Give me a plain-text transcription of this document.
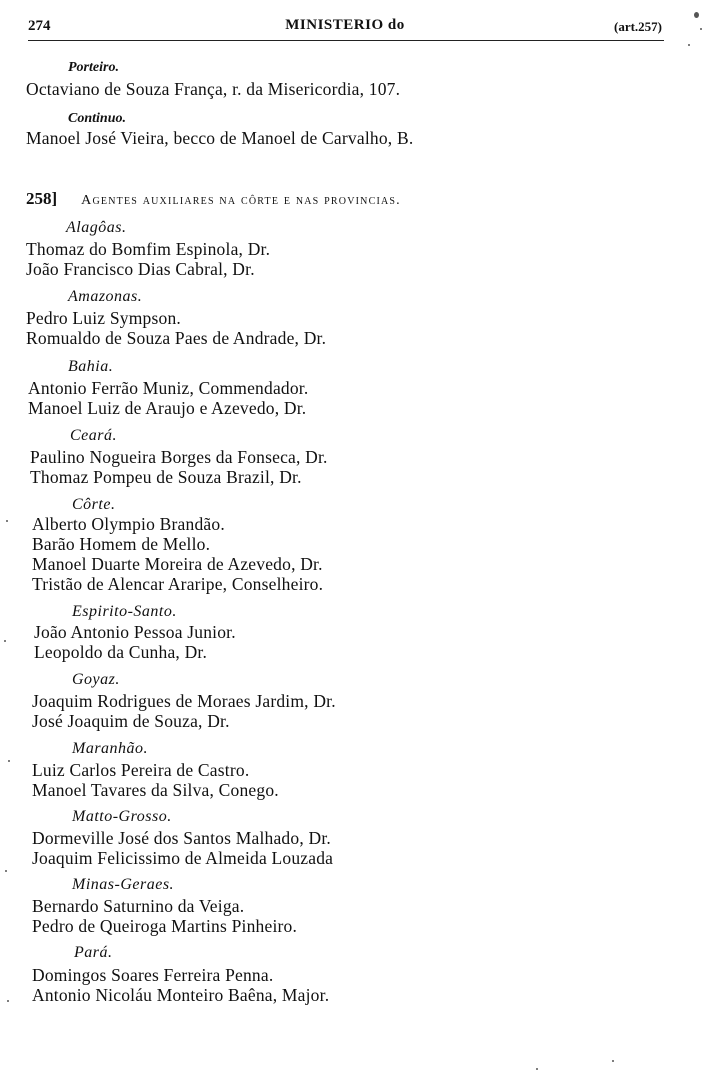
274	MINISTERIO do	(art.257)
Porteiro.
Octaviano de Souza França, r. da Misericordia, 107.
Continuo.
Manoel José Vieira, becco de Manoel de Carvalho, B.
258] Agentes auxiliares na côrte e nas provincias.
Alagôas.
Thomaz do Bomfim Espinola, Dr.
João Francisco Dias Cabral, Dr.
Amazonas.
Pedro Luiz Sympson.
Romualdo de Souza Paes de Andrade, Dr.
Bahia.
Antonio Ferrão Muniz, Commendador.
Manoel Luiz de Araujo e Azevedo, Dr.
Ceará.
Paulino Nogueira Borges da Fonseca, Dr.
Thomaz Pompeu de Souza Brazil, Dr.
Côrte.
Alberto Olympio Brandão.
Barão Homem de Mello.
Manoel Duarte Moreira de Azevedo, Dr.
Tristão de Alencar Araripe, Conselheiro.
Espirito-Santo.
João Antonio Pessoa Junior.
Leopoldo da Cunha, Dr.
Goyaz.
Joaquim Rodrigues de Moraes Jardim, Dr.
José Joaquim de Souza, Dr.
Maranhão.
Luiz Carlos Pereira de Castro.
Manoel Tavares da Silva, Conego.
Matto-Grosso.
Dormeville José dos Santos Malhado, Dr.
Joaquim Felicissimo de Almeida Louzada
Minas-Geraes.
Bernardo Saturnino da Veiga.
Pedro de Queiroga Martins Pinheiro.
Pará.
Domingos Soares Ferreira Penna.
Antonio Nicoláu Monteiro Baêna, Major.
